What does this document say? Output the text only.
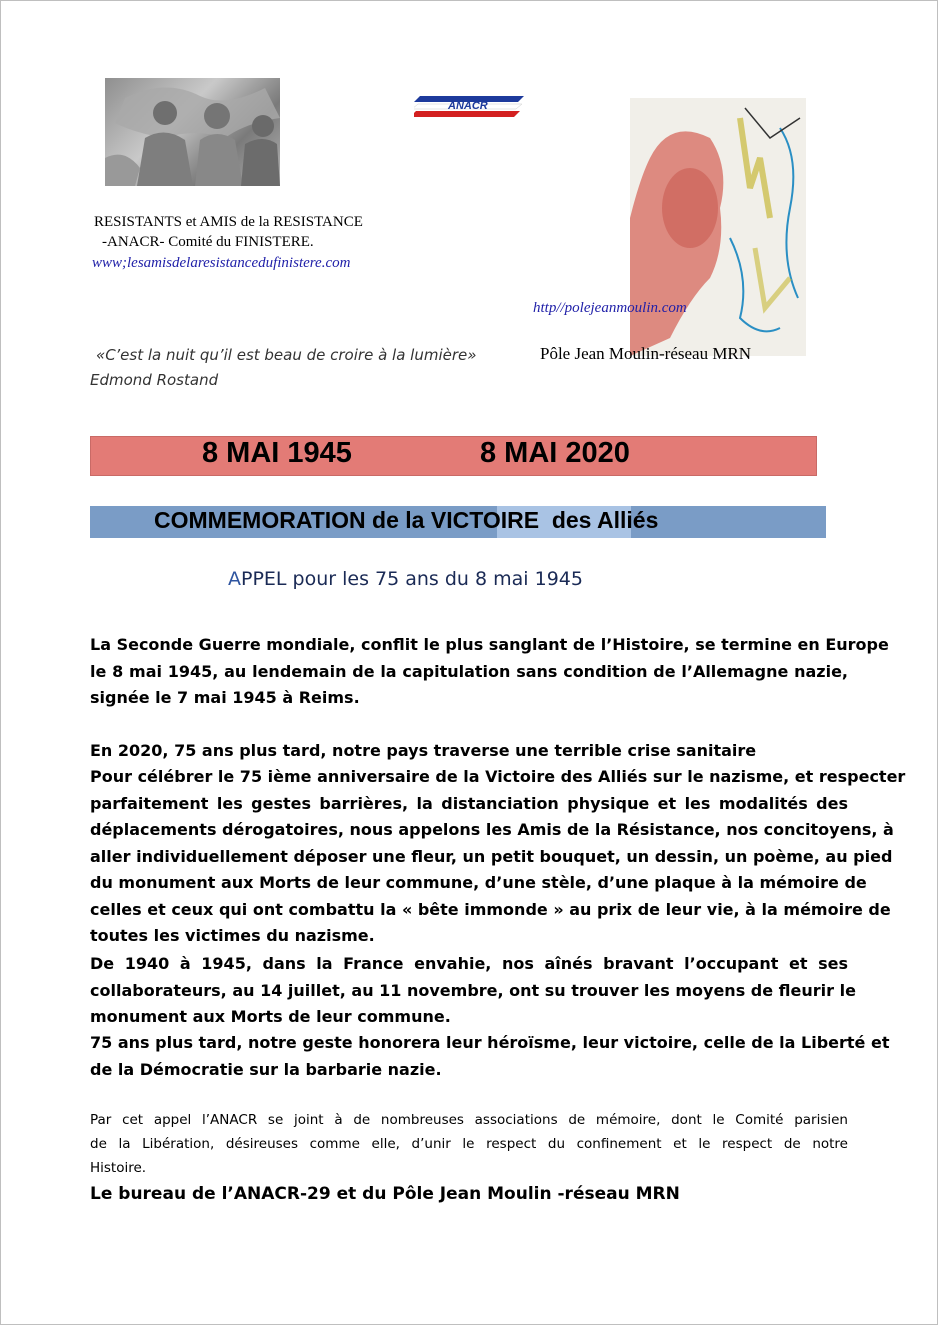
ANACR
RESISTANTS et AMIS de la RESISTANCE
-ANACR- Comité du FINISTERE.
www;lesamisdelaresistancedufinistere.com
http//polejeanmoulin.com
«C’est la nuit qu’il est beau de croire à la lumière»
Edmond Rostand
Pôle Jean Moulin-réseau MRN
8 MAI 1945	8 MAI 2020
COMMEMORATION de la VICTOIRE  des Alliés
APPEL pour les 75 ans du 8 mai 1945
La Seconde Guerre mondiale, conflit le plus sanglant de l’Histoire, se termine en Europe
le 8 mai 1945, au lendemain de la capitulation sans condition de l’Allemagne nazie,
signée le 7 mai 1945 à Reims.
En 2020, 75 ans plus tard, notre pays traverse une terrible crise sanitaire
Pour célébrer le 75 ième anniversaire de la Victoire des Alliés sur le nazisme, et respecter
parfaitement les gestes barrières, la distanciation physique et les modalités des
déplacements dérogatoires, nous appelons les Amis de la Résistance, nos concitoyens, à
aller individuellement déposer une fleur, un petit bouquet, un dessin, un poème, au pied
du monument aux Morts de leur commune, d’une stèle, d’une plaque à la mémoire de
celles et ceux qui ont combattu la « bête immonde » au prix de leur vie, à la mémoire de
toutes les victimes du nazisme.
De 1940 à 1945, dans la France envahie, nos aînés bravant l’occupant et ses
collaborateurs, au 14 juillet, au 11 novembre, ont su trouver les moyens de fleurir le
monument aux Morts de leur commune.
75 ans plus tard, notre geste honorera leur héroïsme, leur victoire, celle de la Liberté et
de la Démocratie sur la barbarie nazie.
Par cet appel l’ANACR se joint à de nombreuses associations de mémoire, dont le Comité parisien
de la Libération, désireuses comme elle, d’unir le respect du confinement et le respect de notre
Histoire.
Le bureau de l’ANACR-29 et du Pôle Jean Moulin -réseau MRN
